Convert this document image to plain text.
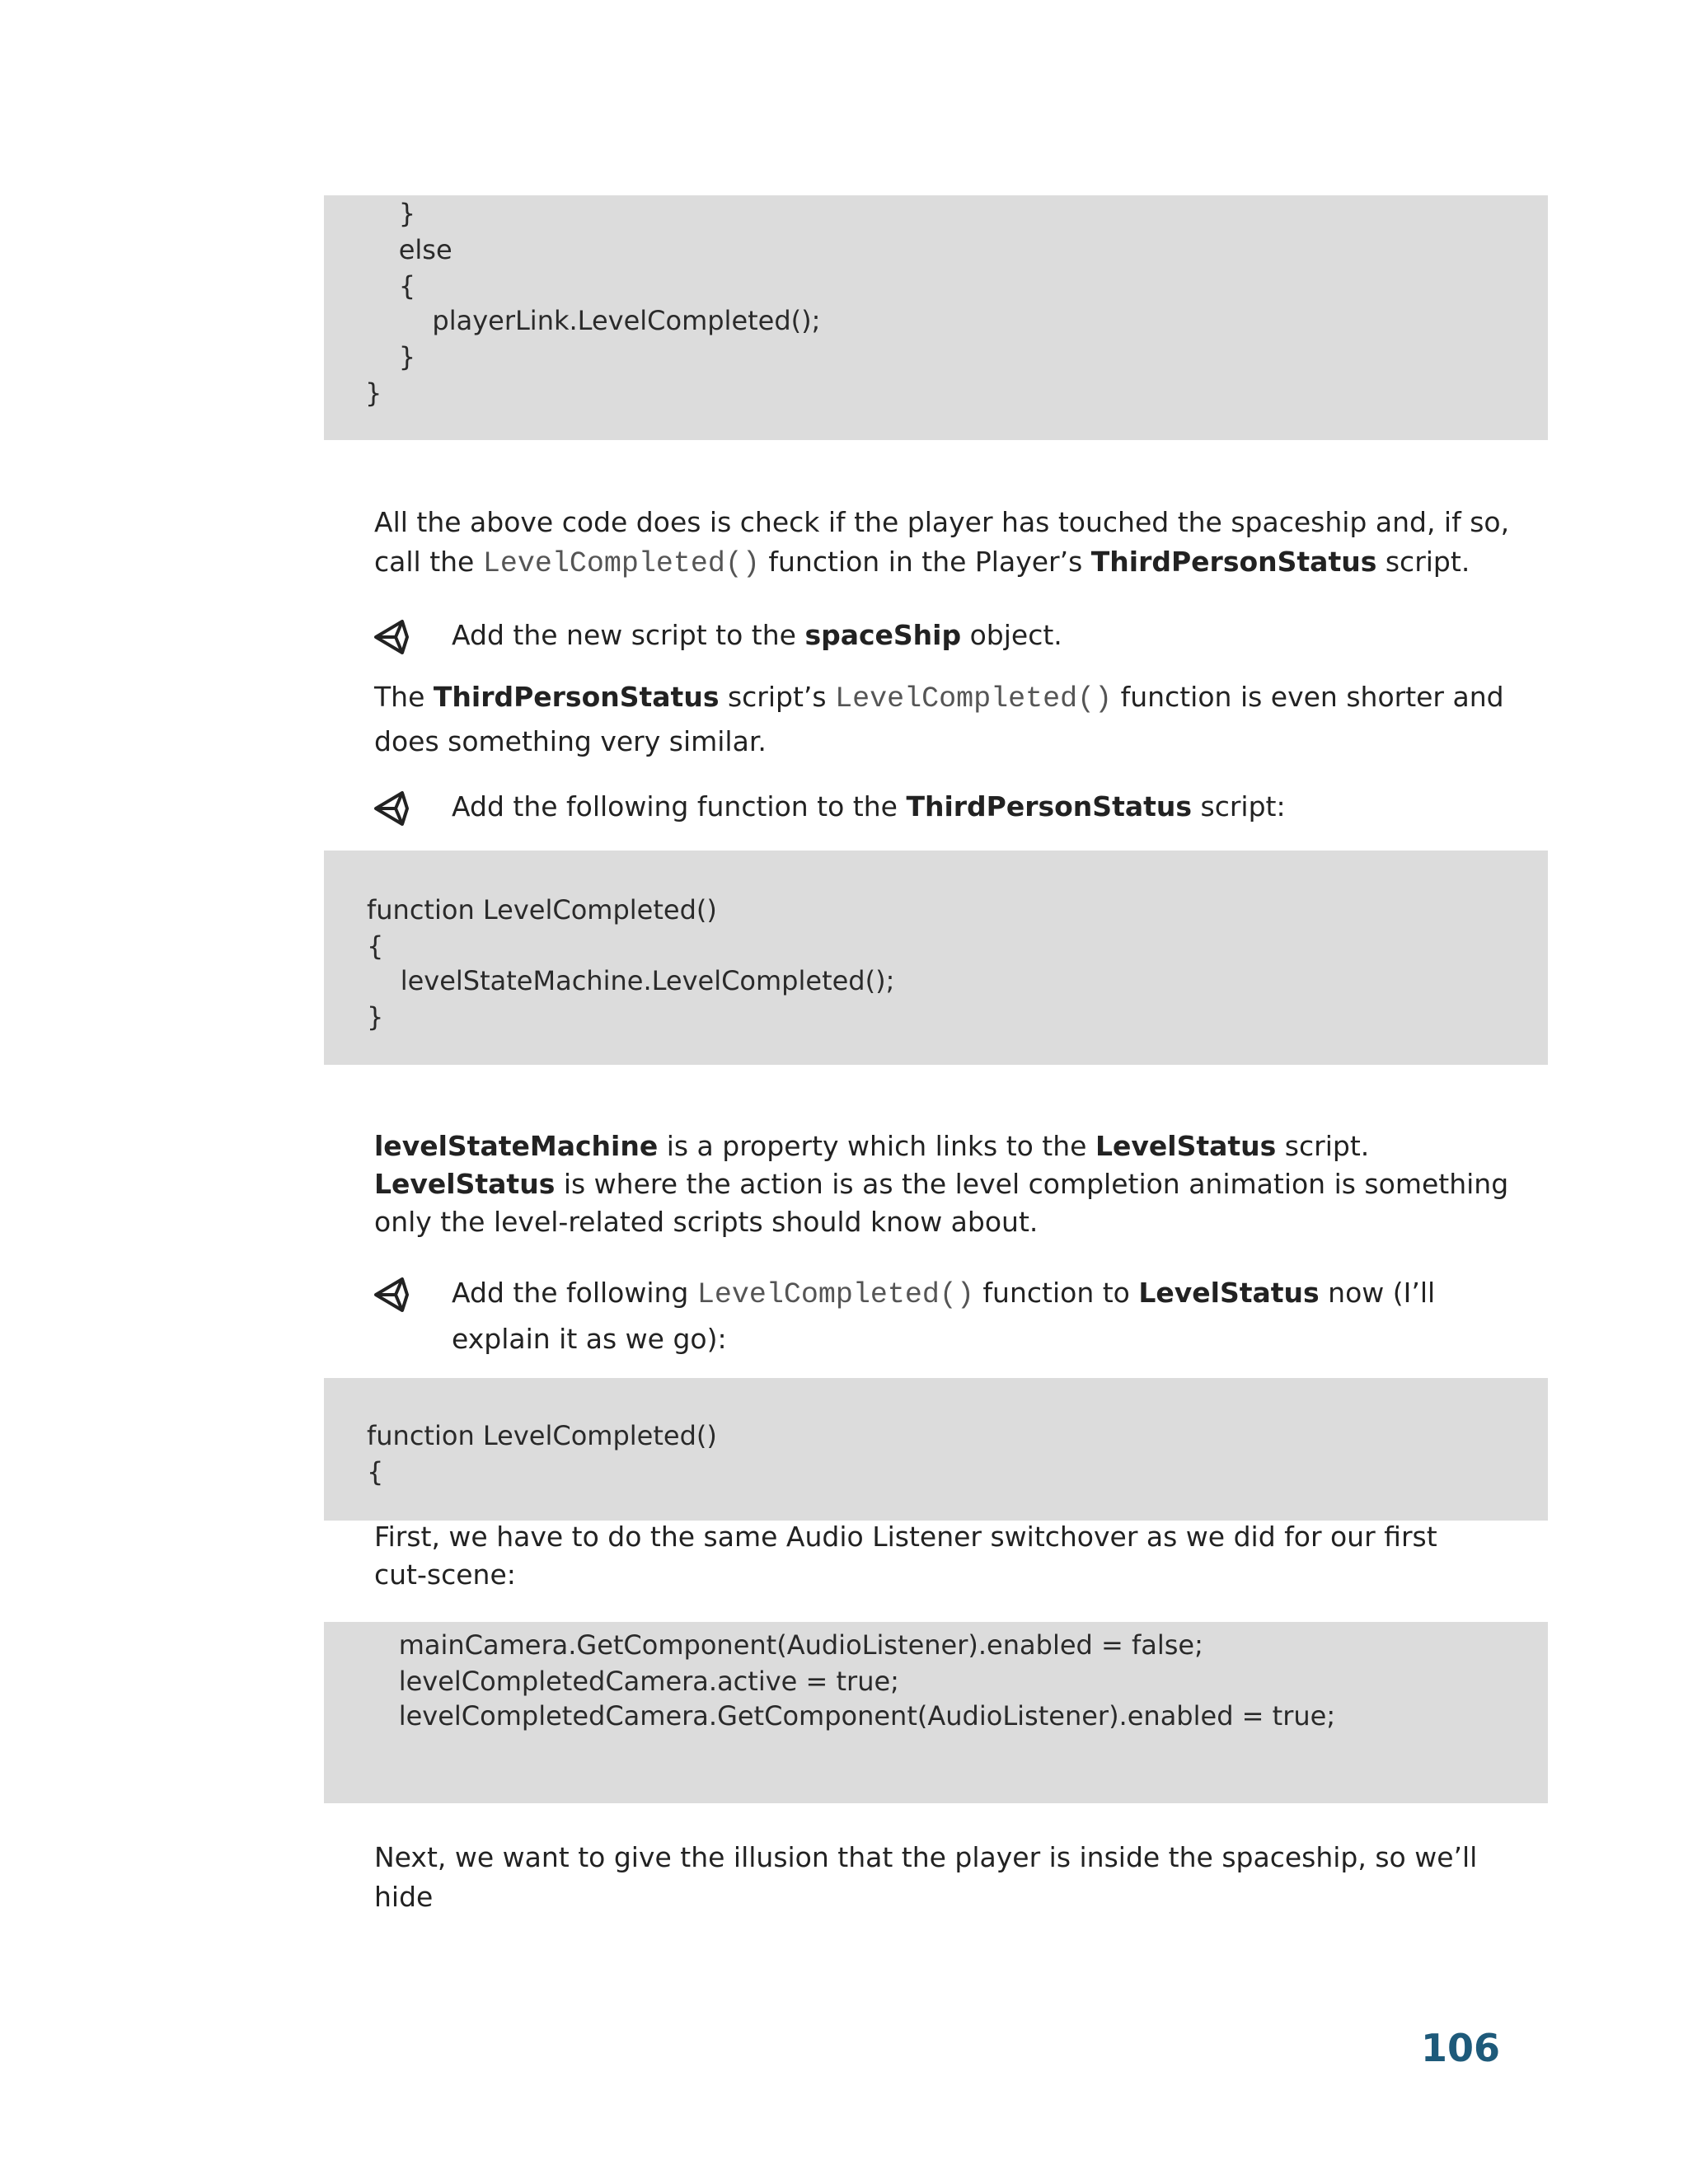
}
else
{
playerLink.LevelCompleted();
}
}
All the above code does is check if the player has touched the spaceship and, if so, call the LevelCompleted() function in the Player’s ThirdPersonStatus script.
Add the new script to the spaceShip object.
The ThirdPersonStatus script’s LevelCompleted() function is even shorter and does something very similar.
Add the following function to the ThirdPersonStatus script:
function LevelCompleted()
{
levelStateMachine.LevelCompleted();
}
levelStateMachine is a property which links to the LevelStatus script. LevelStatus is where the action is as the level completion animation is something only the level-related scripts should know about.
Add the following LevelCompleted() function to LevelStatus now (I’ll explain it as we go):
function LevelCompleted()
{
First, we have to do the same Audio Listener switchover as we did for our first cut-scene:
mainCamera.GetComponent(AudioListener).enabled = false;
levelCompletedCamera.active = true;
levelCompletedCamera.GetComponent(AudioListener).enabled = true;
Next, we want to give the illusion that the player is inside the spaceship, so we’ll hide
106
